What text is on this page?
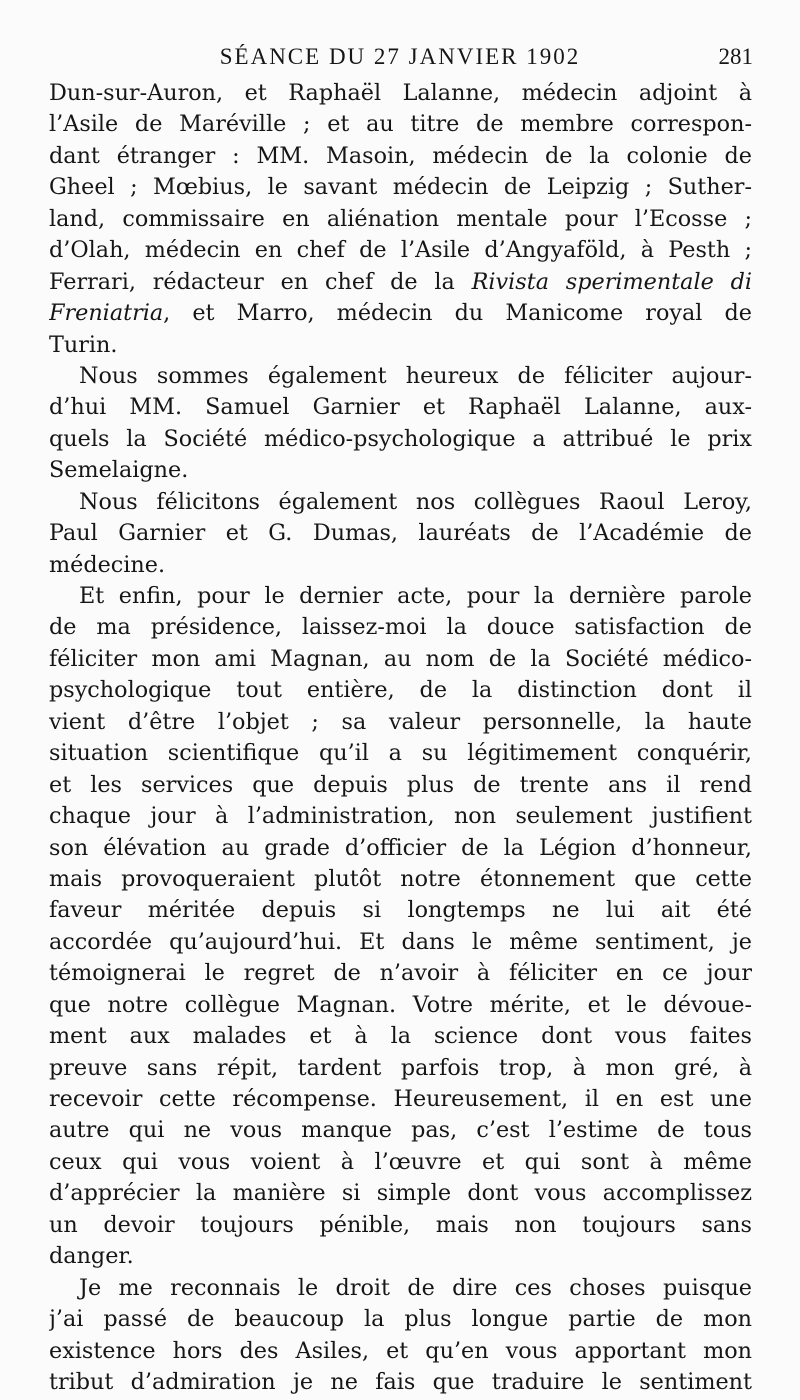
SÉANCE DU 27 JANVIER 1902	281
Dun-sur-Auron, et Raphaël Lalanne, médecin adjoint à
l’Asile de Maréville ; et au titre de membre correspon-
dant étranger : MM. Masoin, médecin de la colonie de
Gheel ; Mœbius, le savant médecin de Leipzig ; Suther-
land, commissaire en aliénation mentale pour l’Ecosse ;
d’Olah, médecin en chef de l’Asile d’Angyaföld, à Pesth ;
Ferrari, rédacteur en chef de la Rivista sperimentale di
Freniatria, et Marro, médecin du Manicome royal de
Turin.
Nous sommes également heureux de féliciter aujour-
d’hui MM. Samuel Garnier et Raphaël Lalanne, aux-
quels la Société médico-psychologique a attribué le prix
Semelaigne.
Nous félicitons également nos collègues Raoul Leroy,
Paul Garnier et G. Dumas, lauréats de l’Académie de
médecine.
Et enfin, pour le dernier acte, pour la dernière parole
de ma présidence, laissez-moi la douce satisfaction de
féliciter mon ami Magnan, au nom de la Société médico-
psychologique tout entière, de la distinction dont il
vient d’être l’objet ; sa valeur personnelle, la haute
situation scientifique qu’il a su légitimement conquérir,
et les services que depuis plus de trente ans il rend
chaque jour à l’administration, non seulement justifient
son élévation au grade d’officier de la Légion d’honneur,
mais provoqueraient plutôt notre étonnement que cette
faveur méritée depuis si longtemps ne lui ait été
accordée qu’aujourd’hui. Et dans le même sentiment, je
témoignerai le regret de n’avoir à féliciter en ce jour
que notre collègue Magnan. Votre mérite, et le dévoue-
ment aux malades et à la science dont vous faites
preuve sans répit, tardent parfois trop, à mon gré, à
recevoir cette récompense. Heureusement, il en est une
autre qui ne vous manque pas, c’est l’estime de tous
ceux qui vous voient à l’œuvre et qui sont à même
d’apprécier la manière si simple dont vous accomplissez
un devoir toujours pénible, mais non toujours sans
danger.
Je me reconnais le droit de dire ces choses puisque
j’ai passé de beaucoup la plus longue partie de mon
existence hors des Asiles, et qu’en vous apportant mon
tribut d’admiration je ne fais que traduire le sentiment
